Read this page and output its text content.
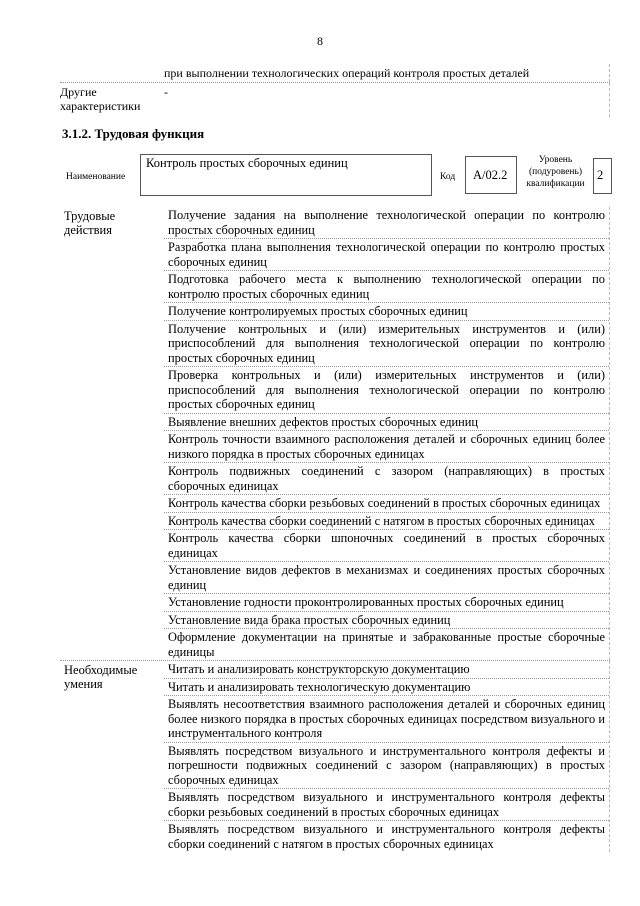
8
при выполнении технологических операций контроля простых деталей
Другие характеристики
-
3.1.2. Трудовая функция
Наименование
Контроль простых сборочных единиц
Код А/02.2
Уровень (подуровень) квалификации
2
Трудовые действия
Получение задания на выполнение технологической операции по контролю простых сборочных единиц
Разработка плана выполнения технологической операции по контролю простых сборочных единиц
Подготовка рабочего места к выполнению технологической операции по контролю простых сборочных единиц
Получение контролируемых простых сборочных единиц
Получение контрольных и (или) измерительных инструментов и (или) приспособлений для выполнения технологической операции по контролю простых сборочных единиц
Проверка контрольных и (или) измерительных инструментов и (или) приспособлений для выполнения технологической операции по контролю простых сборочных единиц
Выявление внешних дефектов простых сборочных единиц
Контроль точности взаимного расположения деталей и сборочных единиц более низкого порядка в простых сборочных единицах
Контроль подвижных соединений с зазором (направляющих) в простых сборочных единицах
Контроль качества сборки резьбовых соединений в простых сборочных единицах
Контроль качества сборки соединений с натягом в простых сборочных единицах
Контроль качества сборки шпоночных соединений в простых сборочных единицах
Установление видов дефектов в механизмах и соединениях простых сборочных единиц
Установление годности проконтролированных простых сборочных единиц
Установление вида брака простых сборочных единиц
Оформление документации на принятые и забракованные простые сборочные единицы
Необходимые умения
Читать и анализировать конструкторскую документацию
Читать и анализировать технологическую документацию
Выявлять несоответствия взаимного расположения деталей и сборочных единиц более низкого порядка в простых сборочных единицах посредством визуального и инструментального контроля
Выявлять посредством визуального и инструментального контроля дефекты и погрешности подвижных соединений с зазором (направляющих) в простых сборочных единицах
Выявлять посредством визуального и инструментального контроля дефекты сборки резьбовых соединений в простых сборочных единицах
Выявлять посредством визуального и инструментального контроля дефекты сборки соединений с натягом в простых сборочных единицах
